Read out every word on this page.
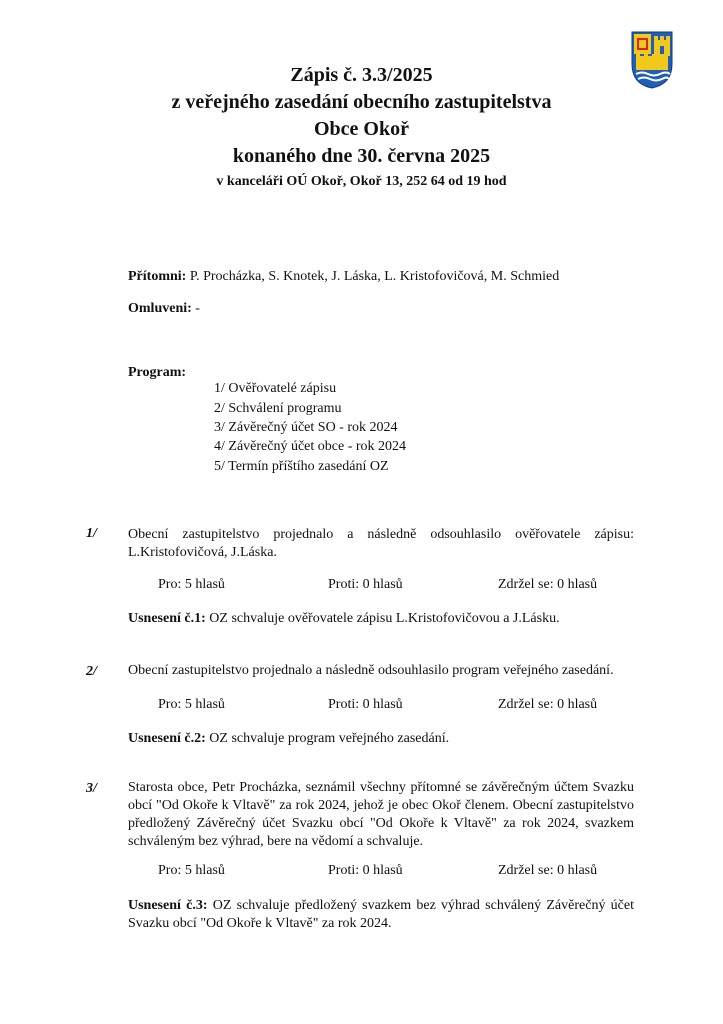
Zápis č. 3.3/2025
z veřejného zasedání obecního zastupitelstva
Obce Okoř
konaného dne 30. června 2025
v kanceláři OÚ Okoř, Okoř 13, 252 64 od 19 hod
Přítomni: P. Procházka, S. Knotek, J. Láska, L. Kristofovičová, M. Schmied
Omluveni: -
Program:
1/ Ověřovatelé zápisu
2/ Schválení programu
3/ Závěrečný účet SO - rok 2024
4/ Závěrečný účet obce - rok 2024
5/ Termín příštího zasedání OZ
1/ Obecní zastupitelstvo projednalo a následně odsouhlasilo ověřovatele zápisu: L.Kristofovičová, J.Láska.
Pro: 5 hlasů	Proti: 0 hlasů	Zdržel se: 0 hlasů
Usnesení č.1: OZ schvaluje ověřovatele zápisu L.Kristofovičovou a J.Lásku.
2/ Obecní zastupitelstvo projednalo a následně odsouhlasilo program veřejného zasedání.
Pro: 5 hlasů	Proti: 0 hlasů	Zdržel se: 0 hlasů
Usnesení č.2: OZ schvaluje program veřejného zasedání.
3/ Starosta obce, Petr Procházka, seznámil všechny přítomné se závěrečným účtem Svazku obcí "Od Okoře k Vltavě" za rok 2024, jehož je obec Okoř členem. Obecní zastupitelstvo předložený Závěrečný účet Svazku obcí "Od Okoře k Vltavě" za rok 2024, svazkem schváleným bez výhrad, bere na vědomí a schvaluje.
Pro: 5 hlasů	Proti: 0 hlasů	Zdržel se: 0 hlasů
Usnesení č.3: OZ schvaluje předložený svazkem bez výhrad schválený Závěrečný účet Svazku obcí "Od Okoře k Vltavě" za rok 2024.
